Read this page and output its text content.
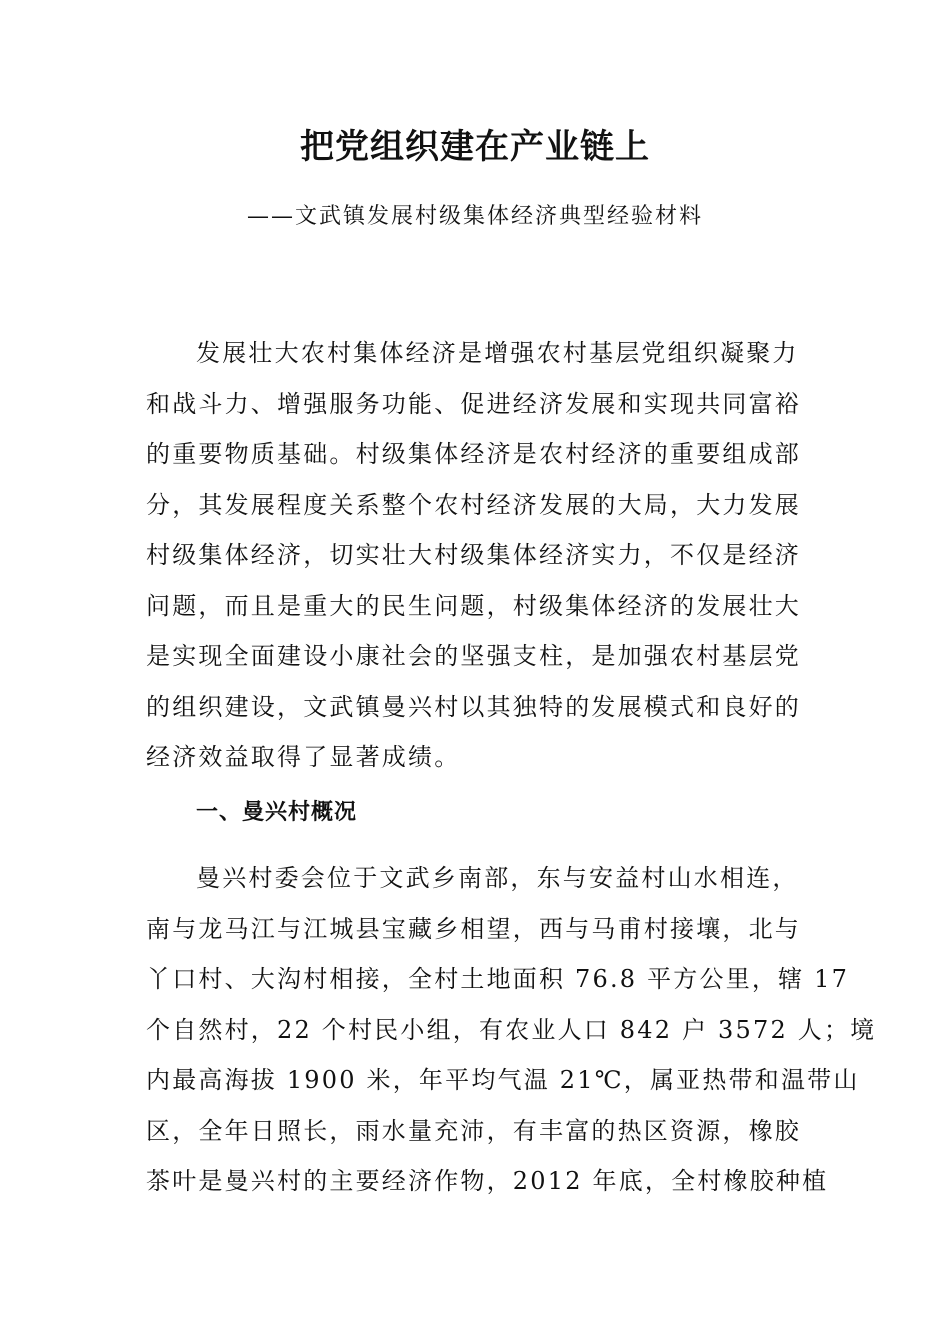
把党组织建在产业链上
——文武镇发展村级集体经济典型经验材料
发展壮大农村集体经济是增强农村基层党组织凝聚力
和战斗力、增强服务功能、促进经济发展和实现共同富裕
的重要物质基础。村级集体经济是农村经济的重要组成部
分，其发展程度关系整个农村经济发展的大局，大力发展
村级集体经济，切实壮大村级集体经济实力，不仅是经济
问题，而且是重大的民生问题，村级集体经济的发展壮大
是实现全面建设小康社会的坚强支柱，是加强农村基层党
的组织建设，文武镇曼兴村以其独特的发展模式和良好的
经济效益取得了显著成绩。
一、曼兴村概况
曼兴村委会位于文武乡南部，东与安益村山水相连，
南与龙马江与江城县宝藏乡相望，西与马甫村接壤，北与
丫口村、大沟村相接，全村土地面积 76.8 平方公里，辖 17
个自然村，22 个村民小组，有农业人口 842 户 3572 人；境
内最高海拔 1900 米，年平均气温 21℃，属亚热带和温带山
区，全年日照长，雨水量充沛，有丰富的热区资源，橡胶
茶叶是曼兴村的主要经济作物，2012 年底，全村橡胶种植
